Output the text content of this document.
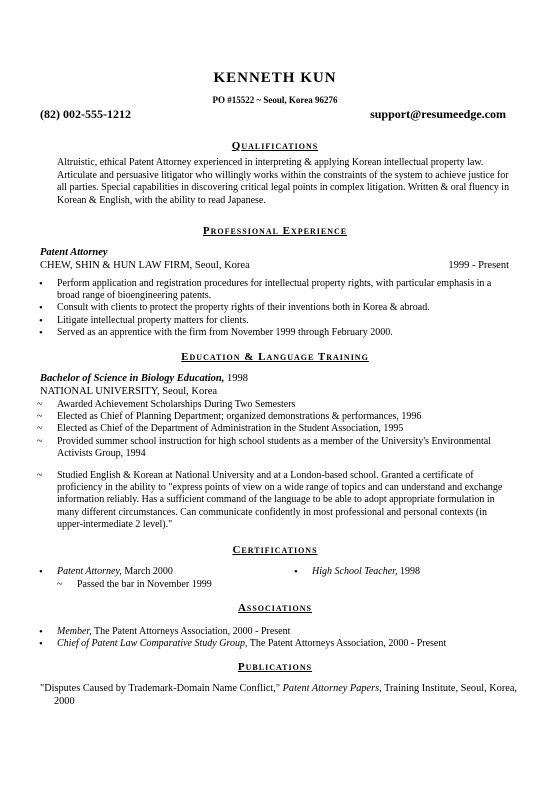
KENNETH KUN
PO #15522 ~ Seoul, Korea 96276
(82) 002-555-1212	support@resumeedge.com
Qualifications
Altruistic, ethical Patent Attorney experienced in interpreting & applying Korean intellectual property law. Articulate and persuasive litigator who willingly works within the constraints of the system to achieve justice for all parties. Special capabilities in discovering critical legal points in complex litigation. Written & oral fluency in Korean & English, with the ability to read Japanese.
Professional Experience
Patent Attorney
CHEW, SHIN & HUN LAW FIRM, Seoul, Korea	1999 - Present
• Perform application and registration procedures for intellectual property rights, with particular emphasis in a broad range of bioengineering patents.
• Consult with clients to protect the property rights of their inventions both in Korea & abroad.
• Litigate intellectual property matters for clients.
• Served as an apprentice with the firm from November 1999 through February 2000.
Education & Language Training
Bachelor of Science in Biology Education, 1998
NATIONAL UNIVERSITY, Seoul, Korea
~ Awarded Achievement Scholarships During Two Semesters
~ Elected as Chief of Planning Department; organized demonstrations & performances, 1996
~ Elected as Chief of the Department of Administration in the Student Association, 1995
~ Provided summer school instruction for high school students as a member of the University's Environmental Activists Group, 1994
~ Studied English & Korean at National University and at a London-based school. Granted a certificate of proficiency in the ability to "express points of view on a wide range of topics and can understand and exchange information reliably. Has a sufficient command of the language to be able to adopt appropriate formulation in many different circumstances. Can communicate confidently in most professional and personal contexts (in upper-intermediate 2 level)."
Certifications
• Patent Attorney, March 2000
~ Passed the bar in November 1999
• High School Teacher, 1998
Associations
• Member, The Patent Attorneys Association, 2000 - Present
• Chief of Patent Law Comparative Study Group, The Patent Attorneys Association, 2000 - Present
Publications
"Disputes Caused by Trademark-Domain Name Conflict," Patent Attorney Papers, Training Institute, Seoul, Korea, 2000
